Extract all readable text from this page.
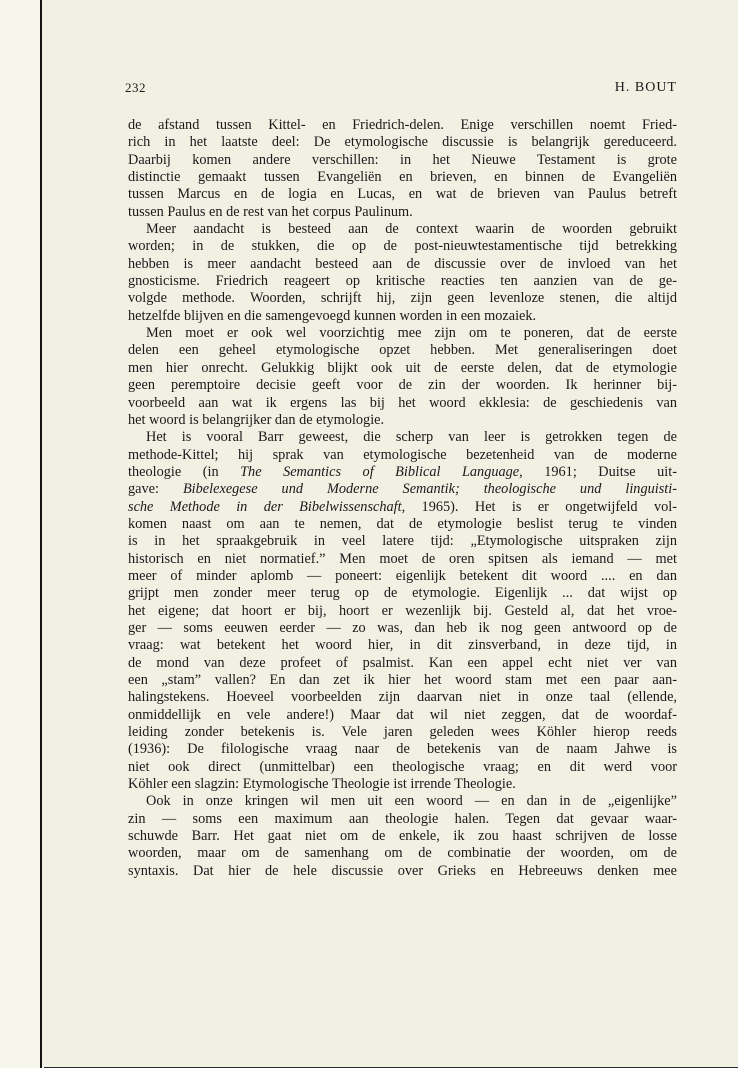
232	H. BOUT
de afstand tussen Kittel- en Friedrich-delen. Enige verschillen noemt Fried-
rich in het laatste deel: De etymologische discussie is belangrijk gereduceerd.
Daarbij komen andere verschillen: in het Nieuwe Testament is grote
distinctie gemaakt tussen Evangeliën en brieven, en binnen de Evangeliën
tussen Marcus en de logia en Lucas, en wat de brieven van Paulus betreft
tussen Paulus en de rest van het corpus Paulinum.
Meer aandacht is besteed aan de context waarin de woorden gebruikt
worden; in de stukken, die op de post-nieuwtestamentische tijd betrekking
hebben is meer aandacht besteed aan de discussie over de invloed van het
gnosticisme. Friedrich reageert op kritische reacties ten aanzien van de ge-
volgde methode. Woorden, schrijft hij, zijn geen levenloze stenen, die altijd
hetzelfde blijven en die samengevoegd kunnen worden in een mozaiek.
Men moet er ook wel voorzichtig mee zijn om te poneren, dat de eerste
delen een geheel etymologische opzet hebben. Met generaliseringen doet
men hier onrecht. Gelukkig blijkt ook uit de eerste delen, dat de etymologie
geen peremptoire decisie geeft voor de zin der woorden. Ik herinner bij-
voorbeeld aan wat ik ergens las bij het woord ekklesia: de geschiedenis van
het woord is belangrijker dan de etymologie.
Het is vooral Barr geweest, die scherp van leer is getrokken tegen de
methode-Kittel; hij sprak van etymologische bezetenheid van de moderne
theologie (in The Semantics of Biblical Language, 1961; Duitse uit-
gave: Bibelexegese und Moderne Semantik; theologische und linguisti-
sche Methode in der Bibelwissenschaft, 1965). Het is er ongetwijfeld vol-
komen naast om aan te nemen, dat de etymologie beslist terug te vinden
is in het spraakgebruik in veel latere tijd: „Etymologische uitspraken zijn
historisch en niet normatief.” Men moet de oren spitsen als iemand — met
meer of minder aplomb — poneert: eigenlijk betekent dit woord .... en dan
grijpt men zonder meer terug op de etymologie. Eigenlijk ... dat wijst op
het eigene; dat hoort er bij, hoort er wezenlijk bij. Gesteld al, dat het vroe-
ger — soms eeuwen eerder — zo was, dan heb ik nog geen antwoord op de
vraag: wat betekent het woord hier, in dit zinsverband, in deze tijd, in
de mond van deze profeet of psalmist. Kan een appel echt niet ver van
een „stam” vallen? En dan zet ik hier het woord stam met een paar aan-
halingstekens. Hoeveel voorbeelden zijn daarvan niet in onze taal (ellende,
onmiddellijk en vele andere!) Maar dat wil niet zeggen, dat de woordaf-
leiding zonder betekenis is. Vele jaren geleden wees Köhler hierop reeds
(1936): De filologische vraag naar de betekenis van de naam Jahwe is
niet ook direct (unmittelbar) een theologische vraag; en dit werd voor
Köhler een slagzin: Etymologische Theologie ist irrende Theologie.
Ook in onze kringen wil men uit een woord — en dan in de „eigenlijke”
zin — soms een maximum aan theologie halen. Tegen dat gevaar waar-
schuwde Barr. Het gaat niet om de enkele, ik zou haast schrijven de losse
woorden, maar om de samenhang om de combinatie der woorden, om de
syntaxis. Dat hier de hele discussie over Grieks en Hebreeuws denken mee
